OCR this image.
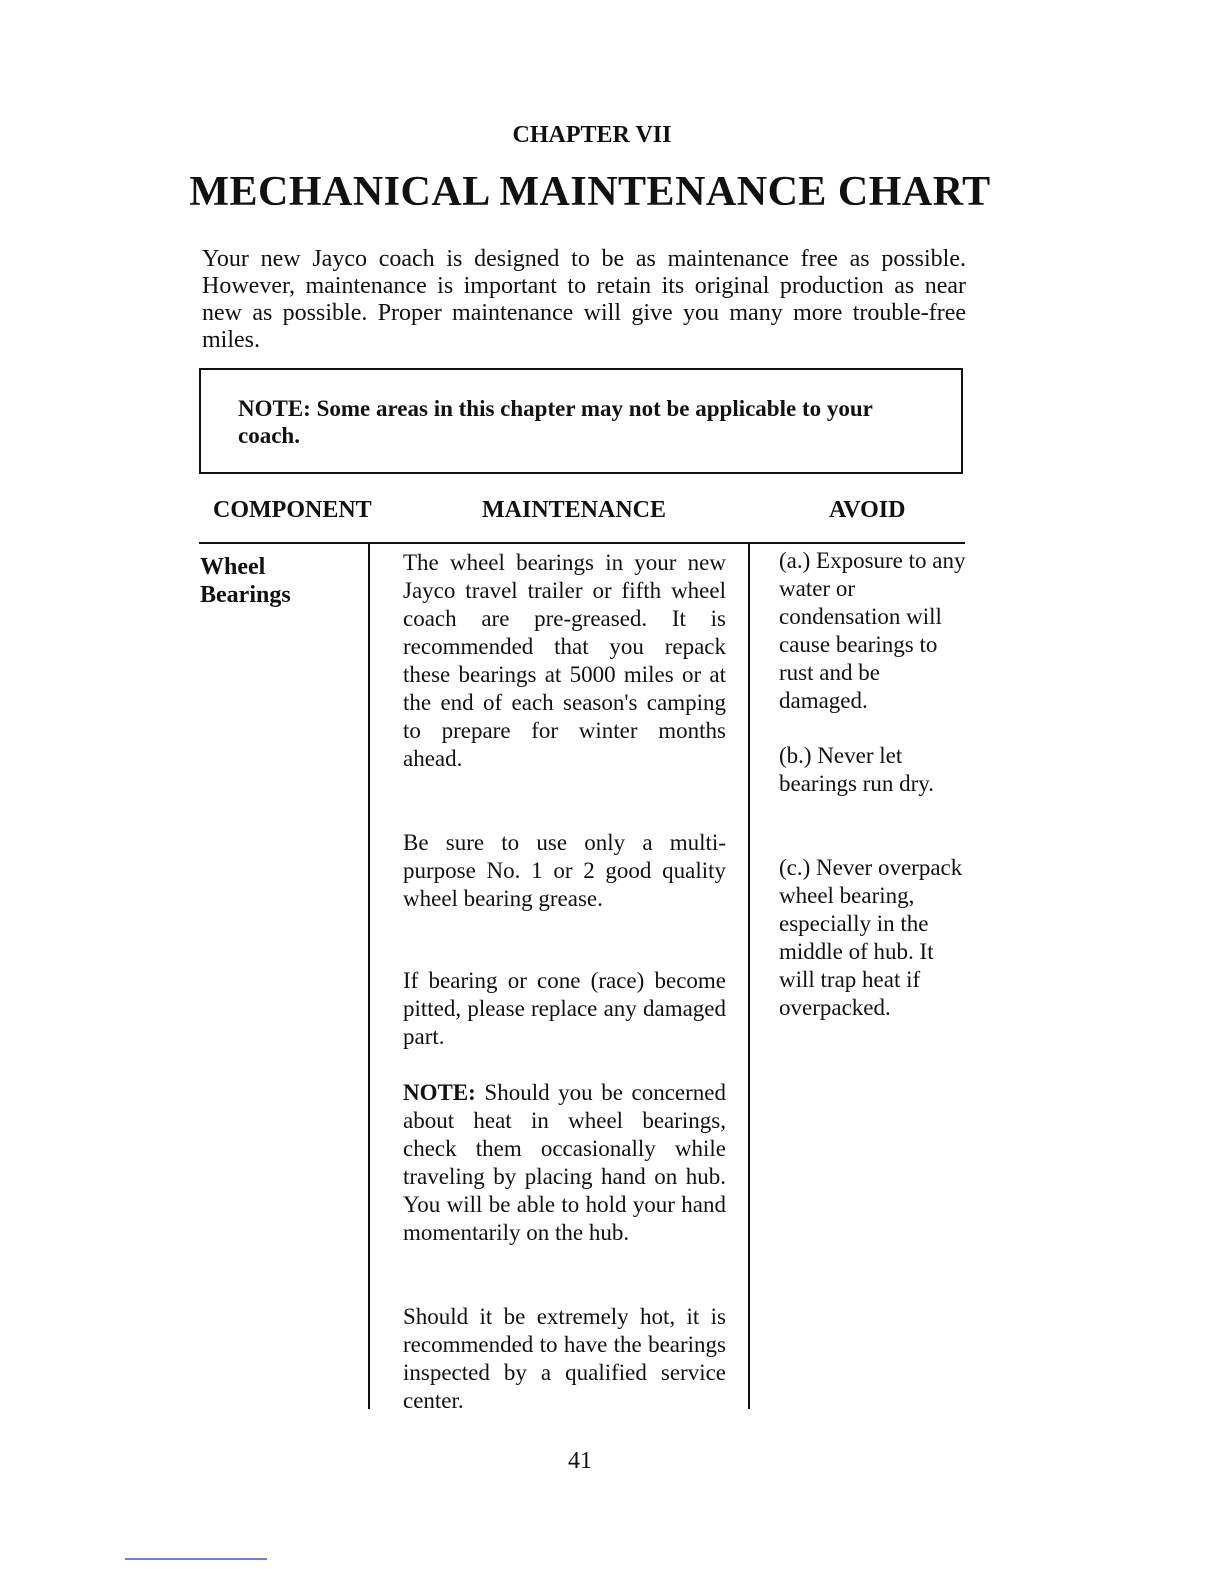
CHAPTER VII
MECHANICAL MAINTENANCE CHART
Your new Jayco coach is designed to be as maintenance free as possible. However, maintenance is important to retain its original production as near new as possible. Proper maintenance will give you many more trouble-free miles.
NOTE: Some areas in this chapter may not be applicable to your coach.
COMPONENT	MAINTENANCE	AVOID
Wheel
Bearings
The wheel bearings in your new Jayco travel trailer or fifth wheel coach are pre-greased. It is recommended that you repack these bearings at 5000 miles or at the end of each season's camping to prepare for winter months ahead.
Be sure to use only a multi-purpose No. 1 or 2 good quality wheel bearing grease.
If bearing or cone (race) become pitted, please replace any damaged part.
NOTE: Should you be concerned about heat in wheel bearings, check them occasionally while traveling by placing hand on hub. You will be able to hold your hand momentarily on the hub.
Should it be extremely hot, it is recommended to have the bearings inspected by a qualified service center.
(a.) Exposure to any water or condensation will cause bearings to rust and be damaged.
(b.) Never let bearings run dry.
(c.) Never overpack wheel bearing, especially in the middle of hub. It will trap heat if overpacked.
41
